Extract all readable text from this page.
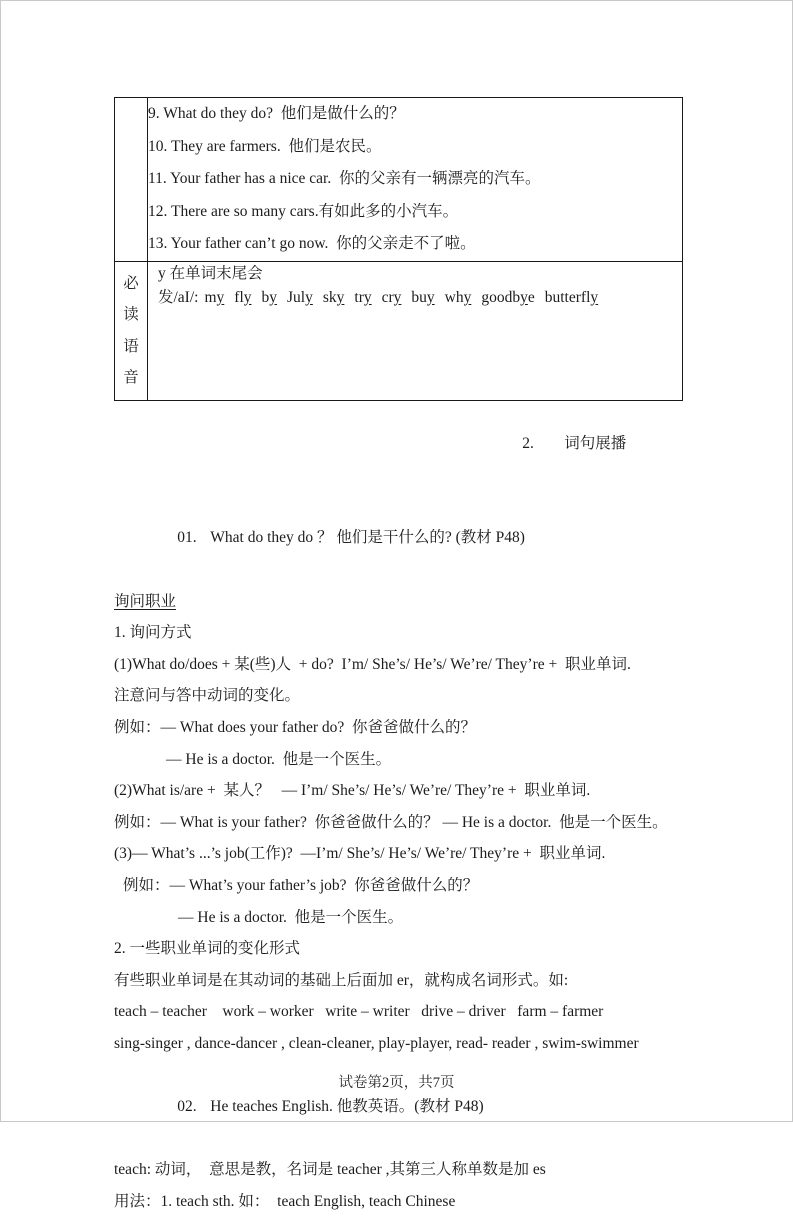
	9. What do they do?  他们是做什么的？
10. They are farmers.  他们是农民。
11. Your father has a nice car.  你的父亲有一辆漂亮的汽车。
12. There are so many cars.有如此多的小汽车。
13. Your father can’t go now.  你的父亲走不了啦。

必
读
语
音	y 在单词末尾会发/aI/: my fly by July sky try cry buy why goodbye butterfly

2. 词句展播

01. What do they do ？ 他们是干什么的? (教材 P48)

询问职业
1. 询问方式
(1)What do/does + 某(些)人  + do?  I’m/ She’s/ He’s/ We’re/ They’re +  职业单词.
注意问与答中动词的变化。
例如：— What does your father do?  你爸爸做什么的？
— He is a doctor.  他是一个医生。
(2)What is/are +  某人？   — I’m/ She’s/ He’s/ We’re/ They’re +  职业单词.
例如：— What is your father?  你爸爸做什么的？ — He is a doctor.  他是一个医生。
(3)— What’s ...’s job(工作)?  —I’m/ She’s/ He’s/ We’re/ They’re +  职业单词.
例如：— What’s your father’s job?  你爸爸做什么的？
— He is a doctor.  他是一个医生。
2. 一些职业单词的变化形式
有些职业单词是在其动词的基础上后面加 er，就构成名词形式。如:
teach – teacher    work – worker   write – writer   drive – driver   farm – farmer
sing-singer , dance-dancer , clean-cleaner, play-player, read- reader , swim-swimmer

02. He teaches English. 他教英语。(教材 P48)

teach: 动词，  意思是教，名词是 teacher ,其第三人称单数是加 es
用法：1. teach sth. 如：  teach English, teach Chinese
试卷第2页，共7页
